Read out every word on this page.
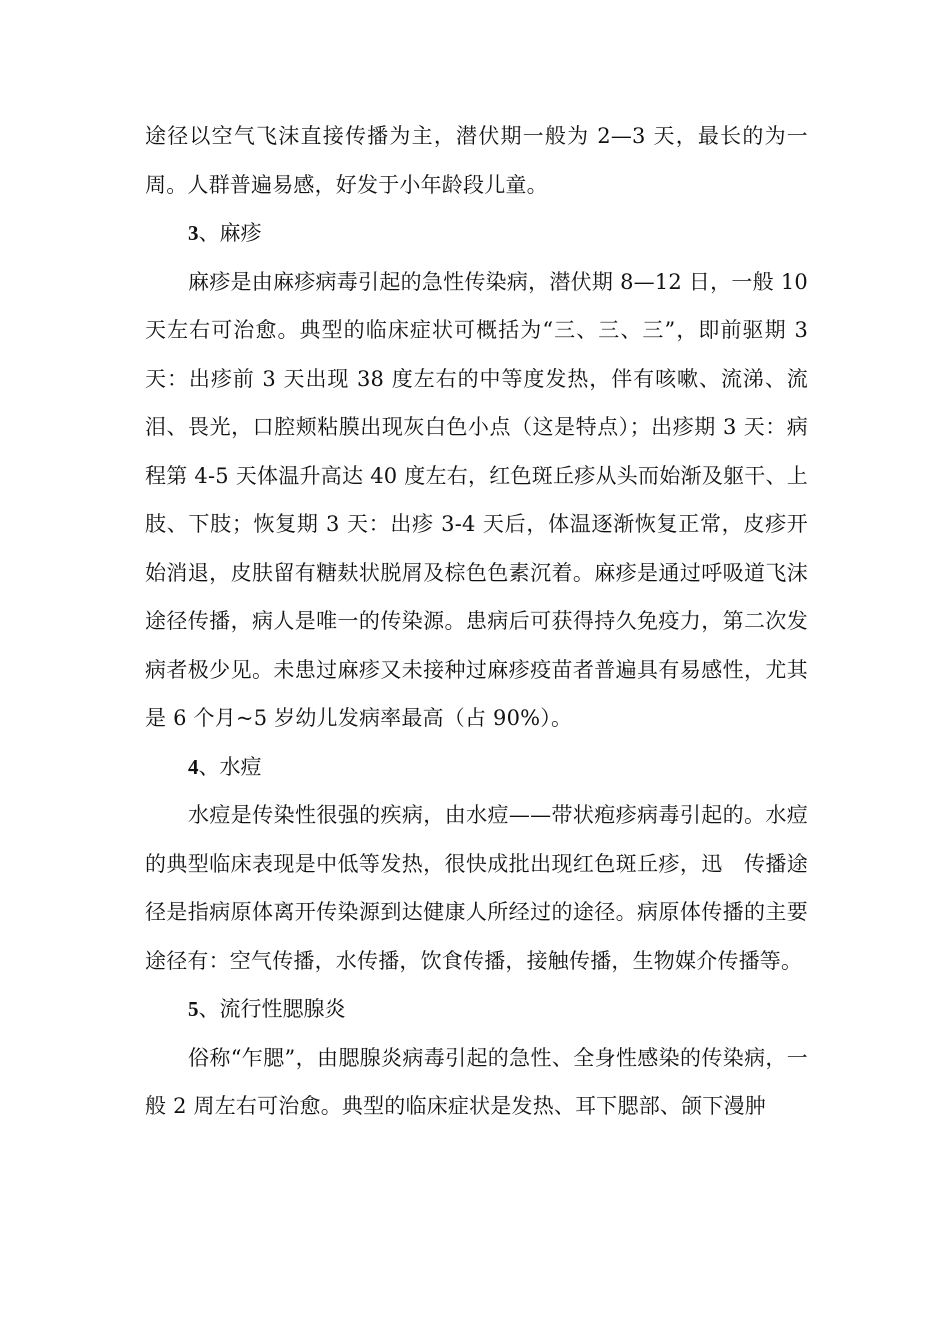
途径以空气飞沫直接传播为主，潜伏期一般为 2—3 天，最长的为一周。人群普遍易感，好发于小年龄段儿童。

3、麻疹

麻疹是由麻疹病毒引起的急性传染病，潜伏期 8—12 日，一般 10 天左右可治愈。典型的临床症状可概括为“三、三、三”，即前驱期 3 天：出疹前 3 天出现 38 度左右的中等度发热，伴有咳嗽、流涕、流泪、畏光，口腔颊粘膜出现灰白色小点（这是特点）；出疹期 3 天：病程第 4-5 天体温升高达 40 度左右，红色斑丘疹从头而始渐及躯干、上肢、下肢；恢复期 3 天：出疹 3-4 天后，体温逐渐恢复正常，皮疹开始消退，皮肤留有糖麸状脱屑及棕色色素沉着。麻疹是通过呼吸道飞沫途径传播，病人是唯一的传染源。患病后可获得持久免疫力，第二次发病者极少见。未患过麻疹又未接种过麻疹疫苗者普遍具有易感性，尤其是 6 个月~5 岁幼儿发病率最高（占 90%）。

4、水痘

水痘是传染性很强的疾病，由水痘——带状疱疹病毒引起的。水痘的典型临床表现是中低等发热，很快成批出现红色斑丘疹，迅　传播途径是指病原体离开传染源到达健康人所经过的途径。病原体传播的主要途径有：空气传播，水传播，饮食传播，接触传播，生物媒介传播等。

5、流行性腮腺炎

俗称“乍腮”，由腮腺炎病毒引起的急性、全身性感染的传染病，一般 2 周左右可治愈。典型的临床症状是发热、耳下腮部、颌下漫肿
